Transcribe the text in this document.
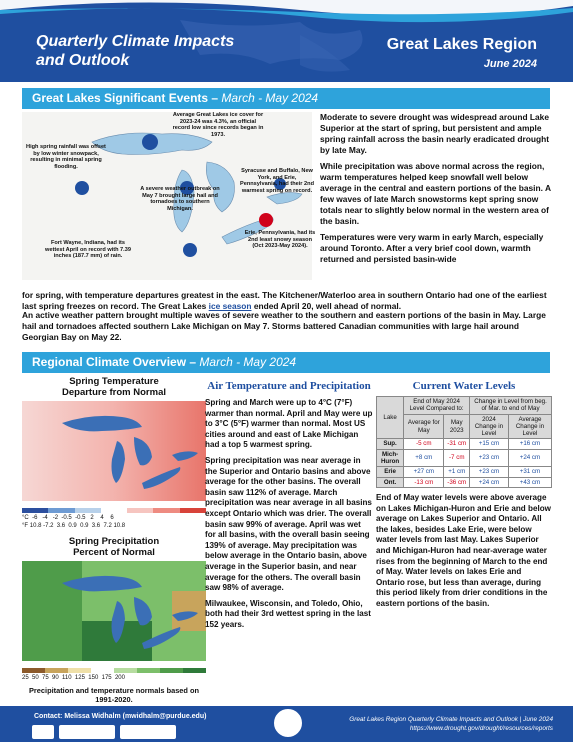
Quarterly Climate Impacts
and Outlook
Great Lakes Region
June 2024
Great Lakes Significant Events – March - May 2024
Average Great Lakes ice cover for 2023-24 was 4.3%, an official record low since records began in 1973.
High spring rainfall was offset by low winter snowpack, resulting in minimal spring flooding.
A severe weather outbreak on May 7 brought large hail and tornadoes to southern Michigan.
Syracuse and Buffalo, New York, and Erie, Pennsylvania, had their 2nd warmest spring on record.
Erie, Pennsylvania, had its 2nd least snowy season (Oct 2023-May 2024).
Fort Wayne, Indiana, had its wettest April on record with 7.39 inches (187.7 mm) of rain.

Moderate to severe drought was widespread around Lake Superior at the start of spring, but persistent and ample spring rainfall across the basin nearly eradicated drought by late May.

While precipitation was above normal across the region, warm temperatures helped keep snowfall well below average in the central and eastern portions of the basin. A few waves of late March snowstorms kept spring snow totals near to slightly below normal in the western area of the basin.

Temperatures were very warm in early March, especially around Toronto. After a very brief cool down, warmth returned and persisted basin-wide

for spring, with temperature departures greatest in the east. The Kitchener/Waterloo area in southern Ontario had one of the earliest last spring freezes on record. The Great Lakes ice season ended April 20, well ahead of normal.

An active weather pattern brought multiple waves of severe weather to the southern and eastern portions of the basin in May. Large hail and tornadoes affected southern Lake Michigan on May 7. Storms battered Canadian communities with large hail around Georgian Bay on May 22.

Regional Climate Overview – March - May 2024
Spring Temperature
Departure from Normal
°C  -6   -4   -2  -0.5  -0.5   2    4    6
°F 10.8 -7.2  3.6  0.9  0.9  3.6  7.2 10.8
Spring Precipitation
Percent of Normal
25  50  75  90  110  125  150  175  200
Precipitation and temperature normals based on 1991-2020.
Air Temperature and Precipitation

Spring and March were up to 4°C (7°F) warmer than normal. April and May were up to 3°C (5°F) warmer than normal. Most US cities around and east of Lake Michigan had a top 5 warmest spring.

Spring precipitation was near average in the Superior and Ontario basins and above average for the other basins. The overall basin saw 112% of average. March precipitation was near average in all basins except Ontario which was drier. The overall basin saw 99% of average. April was wet for all basins, with the overall basin seeing 139% of average. May precipitation was below average in the Ontario basin, above average in the Superior basin, and near average for the others. The overall basin saw 98% of average.

Milwaukee, Wisconsin, and Toledo, Ohio, both had their 3rd wettest spring in the last 152 years.

Current Water Levels
Lake	End of May 2024 Level Compared to:		Change in Level from beg. of Mar. to end of May	
	Average for May	May 2023	2024 Change in Level	Average Change in Level
Sup.	-5 cm	-31 cm	+15 cm	+16 cm
Mich-Huron	+8 cm	-7 cm	+23 cm	+24 cm
Erie	+27 cm	+1 cm	+23 cm	+31 cm
Ont.	-13 cm	-36 cm	+24 cm	+43 cm

End of May water levels were above average on Lakes Michigan-Huron and Erie and below average on Lakes Superior and Ontario. All the lakes, besides Lake Erie, were below water levels from last May. Lakes Superior and Michigan-Huron had near-average water rises from the beginning of March to the end of May. Water levels on lakes Erie and Ontario rose, but less than average, during this period likely from drier conditions in the eastern portions of the basin.

Contact: Melissa Widhalm (mwidhalm@purdue.edu)	Great Lakes Region Quarterly Climate Impacts and Outlook | June 2024
https://www.drought.gov/drought/resources/reports
